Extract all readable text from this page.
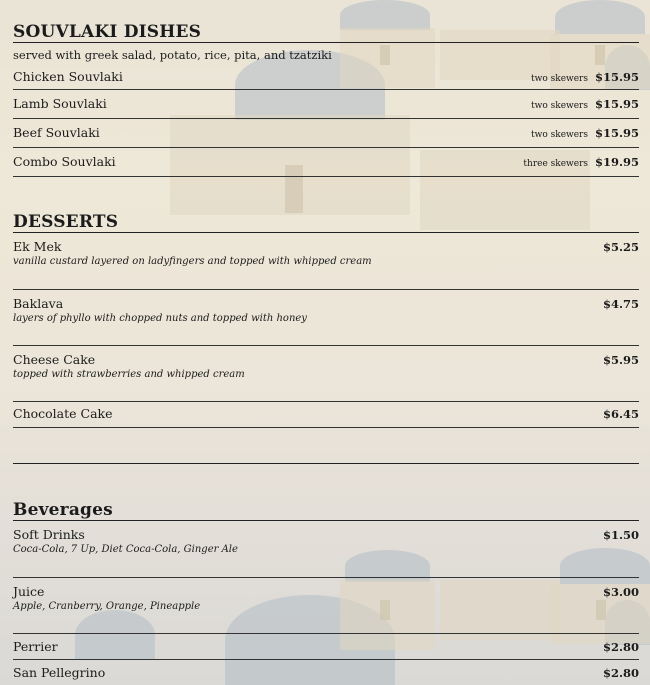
SOUVLAKI DISHES
served with greek salad, potato, rice, pita, and tzatziki
Chicken Souvlaki	two skewers $15.95
Lamb Souvlaki	two skewers $15.95
Beef Souvlaki	two skewers $15.95
Combo Souvlaki	three skewers $19.95
DESSERTS
Ek Mek	$5.25
vanilla custard layered on ladyfingers and topped with whipped cream
Baklava	$4.75
layers of phyllo with chopped nuts and topped with honey
Cheese Cake	$5.95
topped with strawberries and whipped cream
Chocolate Cake	$6.45
Beverages
Soft Drinks	$1.50
Coca-Cola, 7 Up, Diet Coca-Cola, Ginger Ale
Juice	$3.00
Apple, Cranberry, Orange, Pineapple
Perrier	$2.80
San Pellegrino	$2.80
